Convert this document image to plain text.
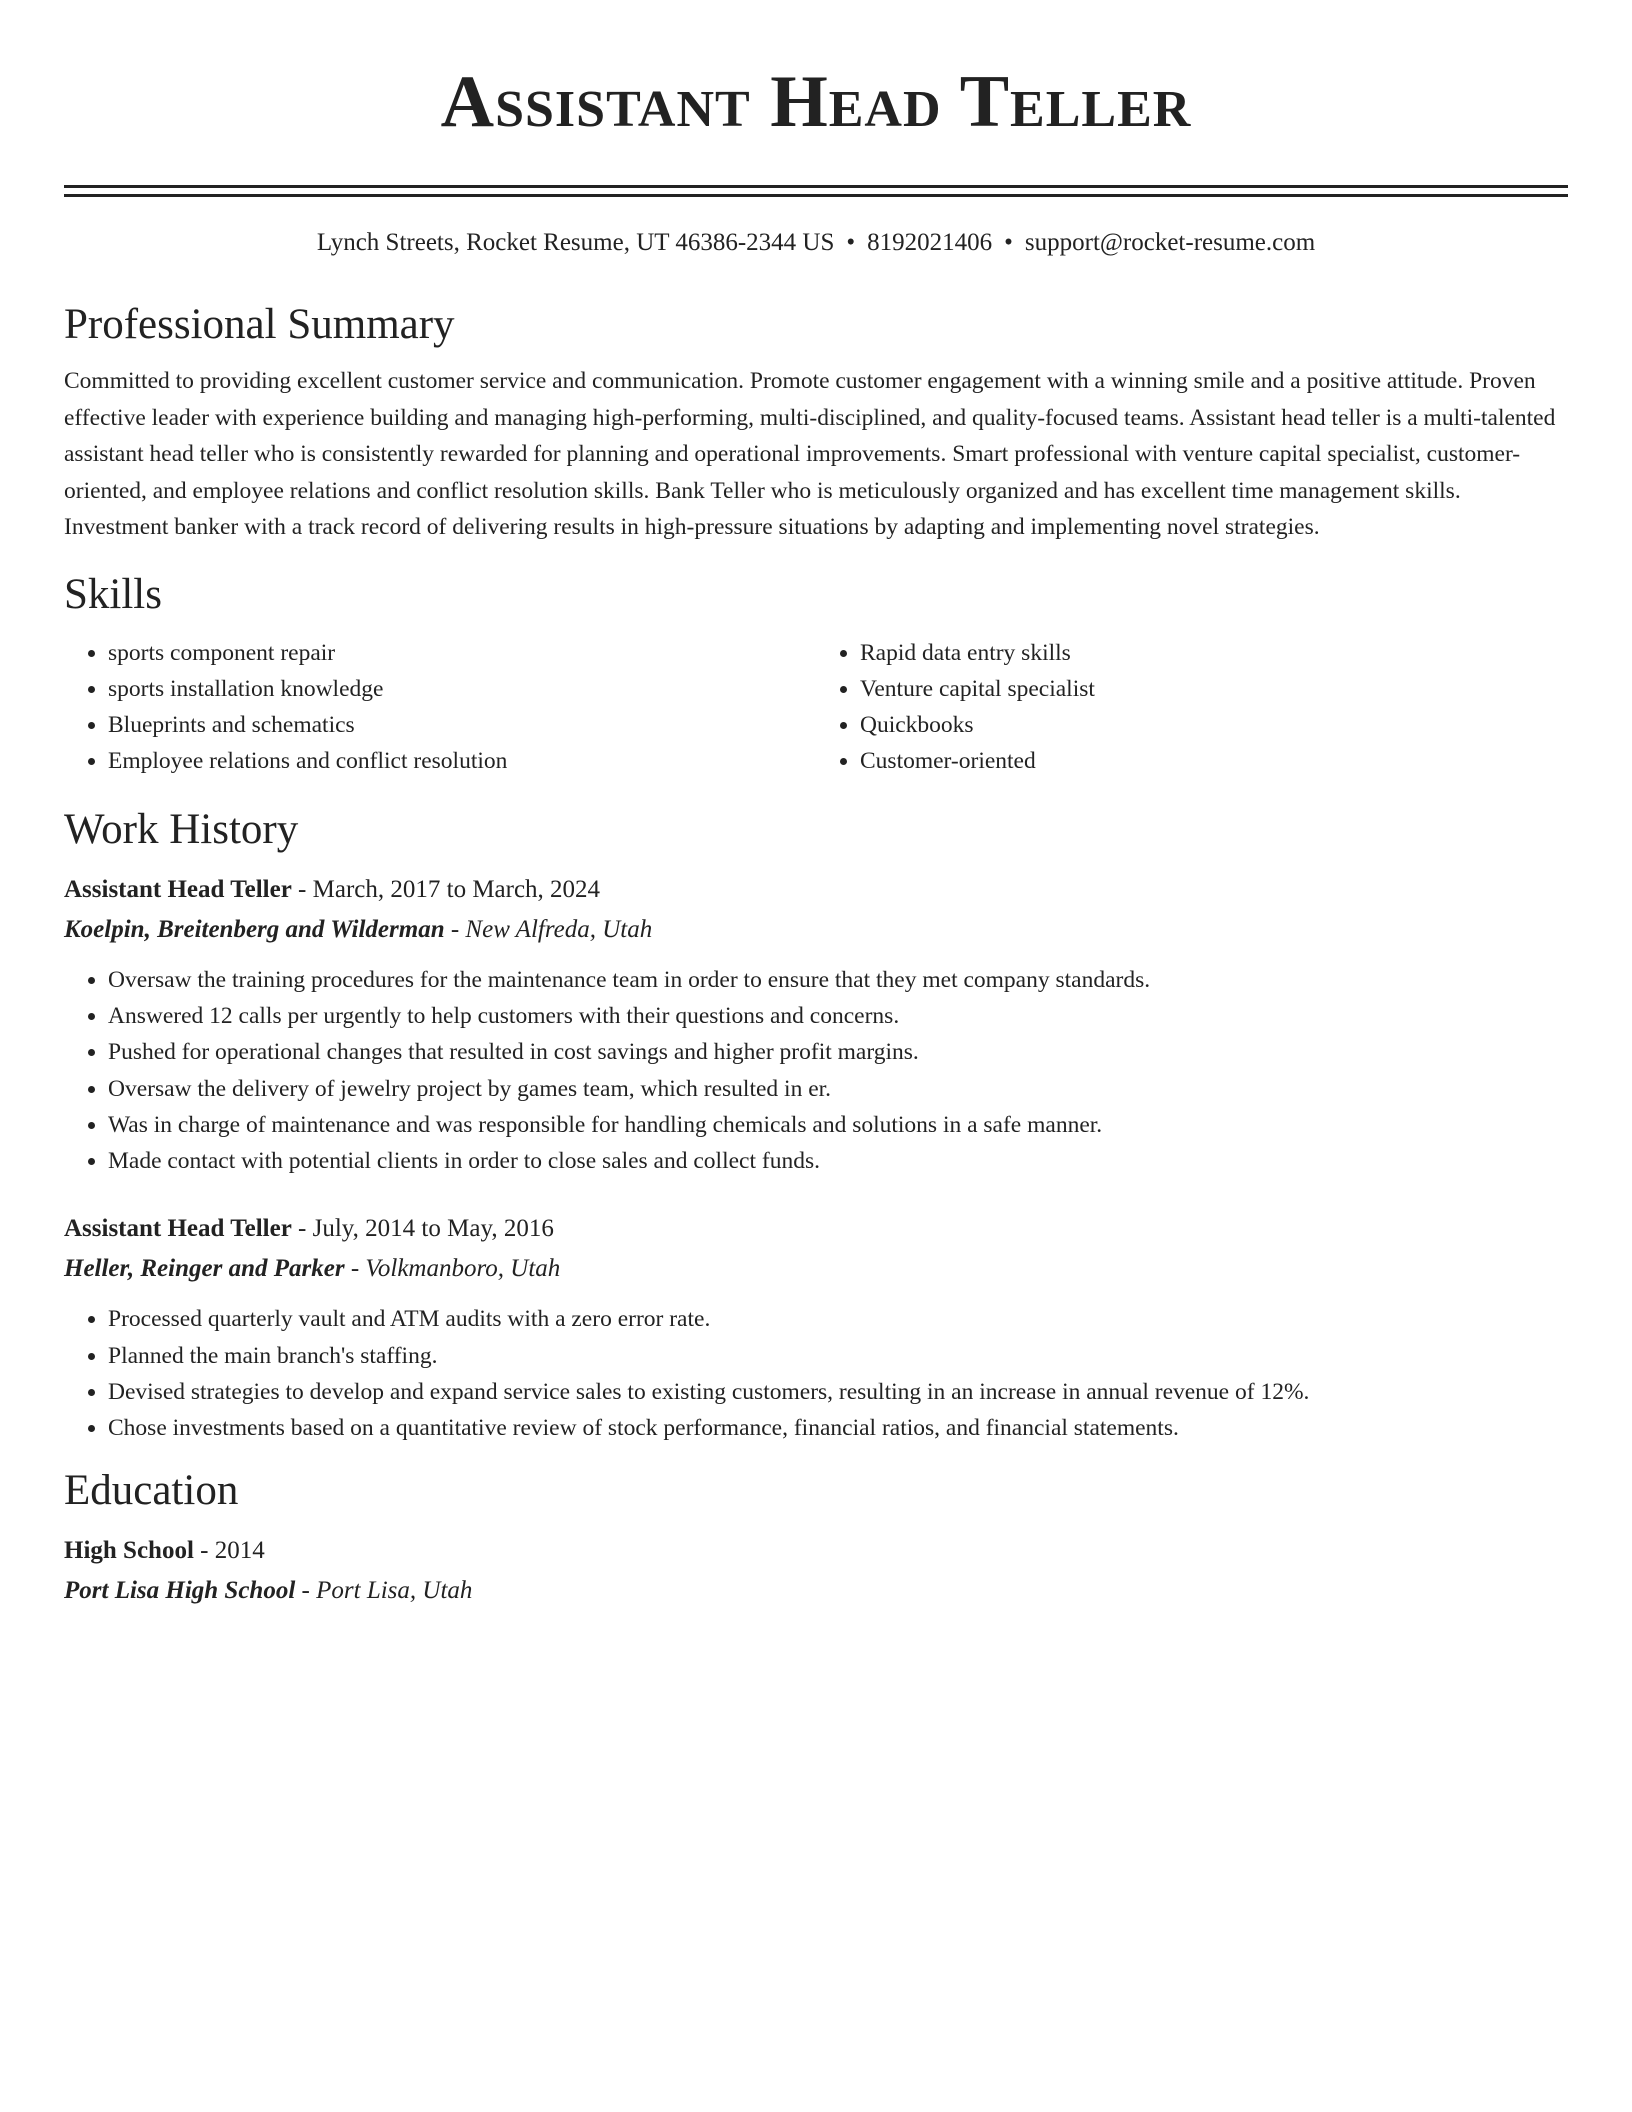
Assistant Head Teller
Lynch Streets, Rocket Resume, UT 46386-2344 US • 8192021406 • support@rocket-resume.com
Professional Summary

Committed to providing excellent customer service and communication. Promote customer engagement with a winning smile and a positive attitude. Proven effective leader with experience building and managing high-performing, multi-disciplined, and quality-focused teams. Assistant head teller is a multi-talented assistant head teller who is consistently rewarded for planning and operational improvements. Smart professional with venture capital specialist, customer-oriented, and employee relations and conflict resolution skills. Bank Teller who is meticulously organized and has excellent time management skills. Investment banker with a track record of delivering results in high-pressure situations by adapting and implementing novel strategies.

Skills
• sports component repair
• sports installation knowledge
• Blueprints and schematics
• Employee relations and conflict resolution
• Rapid data entry skills
• Venture capital specialist
• Quickbooks
• Customer-oriented
Work History
Assistant Head Teller - March, 2017 to March, 2024
Koelpin, Breitenberg and Wilderman - New Alfreda, Utah
• Oversaw the training procedures for the maintenance team in order to ensure that they met company standards.
• Answered 12 calls per urgently to help customers with their questions and concerns.
• Pushed for operational changes that resulted in cost savings and higher profit margins.
• Oversaw the delivery of jewelry project by games team, which resulted in er.
• Was in charge of maintenance and was responsible for handling chemicals and solutions in a safe manner.
• Made contact with potential clients in order to close sales and collect funds.
Assistant Head Teller - July, 2014 to May, 2016
Heller, Reinger and Parker - Volkmanboro, Utah
• Processed quarterly vault and ATM audits with a zero error rate.
• Planned the main branch's staffing.
• Devised strategies to develop and expand service sales to existing customers, resulting in an increase in annual revenue of 12%.
• Chose investments based on a quantitative review of stock performance, financial ratios, and financial statements.
Education
High School - 2014
Port Lisa High School - Port Lisa, Utah
